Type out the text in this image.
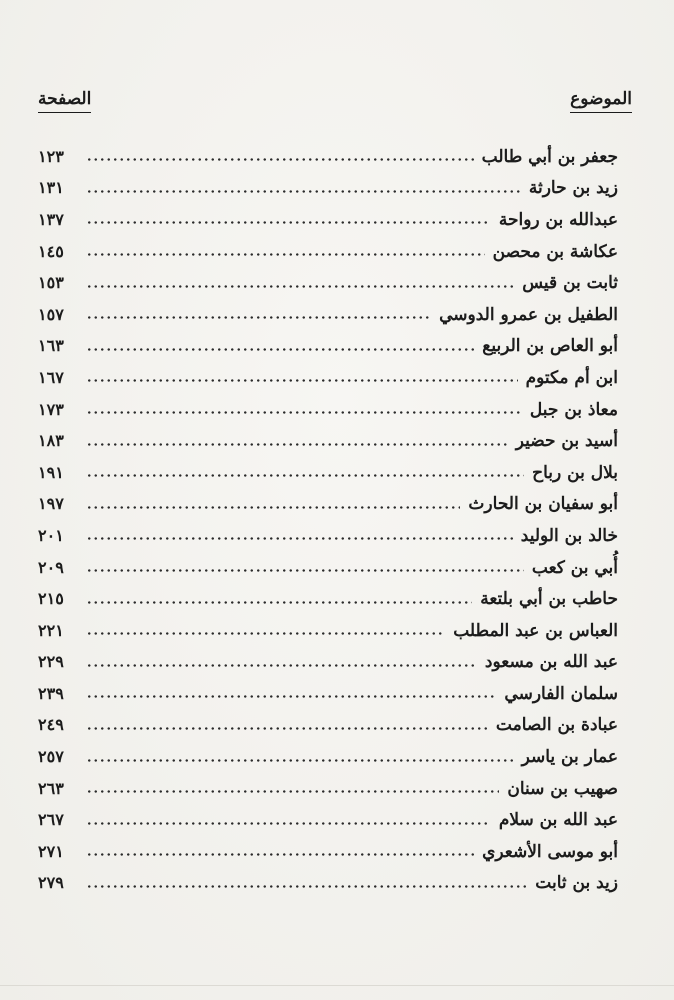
الموضوع
الصفحة
جعفر بن أبي طالب
١٢٣
زيد بن حارثة
١٣١
عبدالله بن رواحة
١٣٧
عكاشة بن محصن
١٤٥
ثابت بن قيس
١٥٣
الطفيل بن عمرو الدوسي
١٥٧
أبو العاص بن الربيع
١٦٣
ابن أم مكتوم
١٦٧
معاذ بن جبل
١٧٣
أسيد بن حضير
١٨٣
بلال بن رباح
١٩١
أبو سفيان بن الحارث
١٩٧
خالد بن الوليد
٢٠١
أُبي بن كعب
٢٠٩
حاطب بن أبي بلتعة
٢١٥
العباس بن عبد المطلب
٢٢١
عبد الله بن مسعود
٢٢٩
سلمان الفارسي
٢٣٩
عبادة بن الصامت
٢٤٩
عمار بن ياسر
٢٥٧
صهيب بن سنان
٢٦٣
عبد الله بن سلام
٢٦٧
أبو موسى الأشعري
٢٧١
زيد بن ثابت
٢٧٩
